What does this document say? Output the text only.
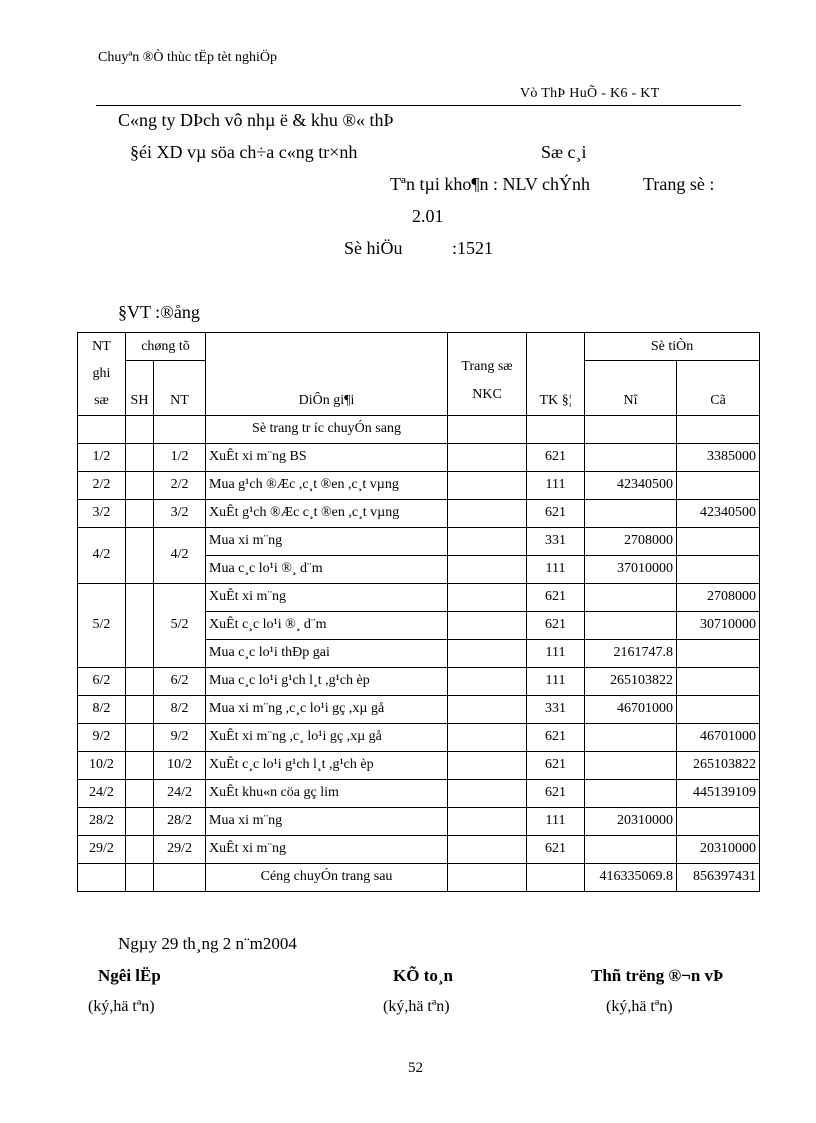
Chuyªn ®Ò thùc tËp tèt nghiÖp
Vò ThÞ HuÕ - K6 - KT
C«ng ty DÞch vô nhµ ë & khu ®« thÞ
§éi XD vµ söa ch÷a c«ng tr×nh	Sæ c¸i
Tªn tµi kho¶n : NLV chÝnh	Trang sè :
2.01
Sè hiÖu           :1521
§VT :®ång
NT	chøng tõ		DiÔn gi¶i	Trang sæ
NKC	TK §¦	Sè tiÒn	
ghi	SH	NT				Nî	Cã
sæ							
			Sè trang tr íc chuyÓn sang				
1/2		1/2	XuÊt xi m¨ng BS		621		3385000
2/2		2/2	Mua g¹ch ®Æc ,c¸t ®en ,c¸t vµng		111	42340500	
3/2		3/2	XuÊt g¹ch ®Æc c¸t ®en ,c¸t vµng		621		42340500
4/2		4/2	Mua xi m¨ng		331	2708000	
			Mua c¸c lo¹i ®¸ d¨m		111	37010000	
5/2		5/2	XuÊt xi m¨ng		621		2708000
			XuÊt c¸c lo¹i ®¸ d¨m		621		30710000
			Mua c¸c lo¹i thÐp gai		111	2161747.8	
6/2		6/2	Mua c¸c lo¹i g¹ch l¸t ,g¹ch èp		111	265103822	
8/2		8/2	Mua xi m¨ng ,c¸c lo¹i gç ,xµ gå		331	46701000	
9/2		9/2	XuÊt xi m¨ng ,c¸ lo¹i gç ,xµ gå		621		46701000
10/2		10/2	XuÊt c¸c lo¹i g¹ch l¸t ,g¹ch èp		621		265103822
24/2		24/2	XuÊt khu«n cöa gç lim		621		445139109
28/2		28/2	Mua xi m¨ng		111	20310000	
29/2		29/2	XuÊt xi m¨ng		621		20310000
			Céng chuyÓn trang sau			416335069.8	856397431
Ngµy 29 th¸ng 2 n¨m2004
Ngêi lËp	KÕ to¸n	Thñ trëng ®¬n vÞ
(ký,hä tªn)	(ký,hä tªn)	(ký,hä tªn)
52
